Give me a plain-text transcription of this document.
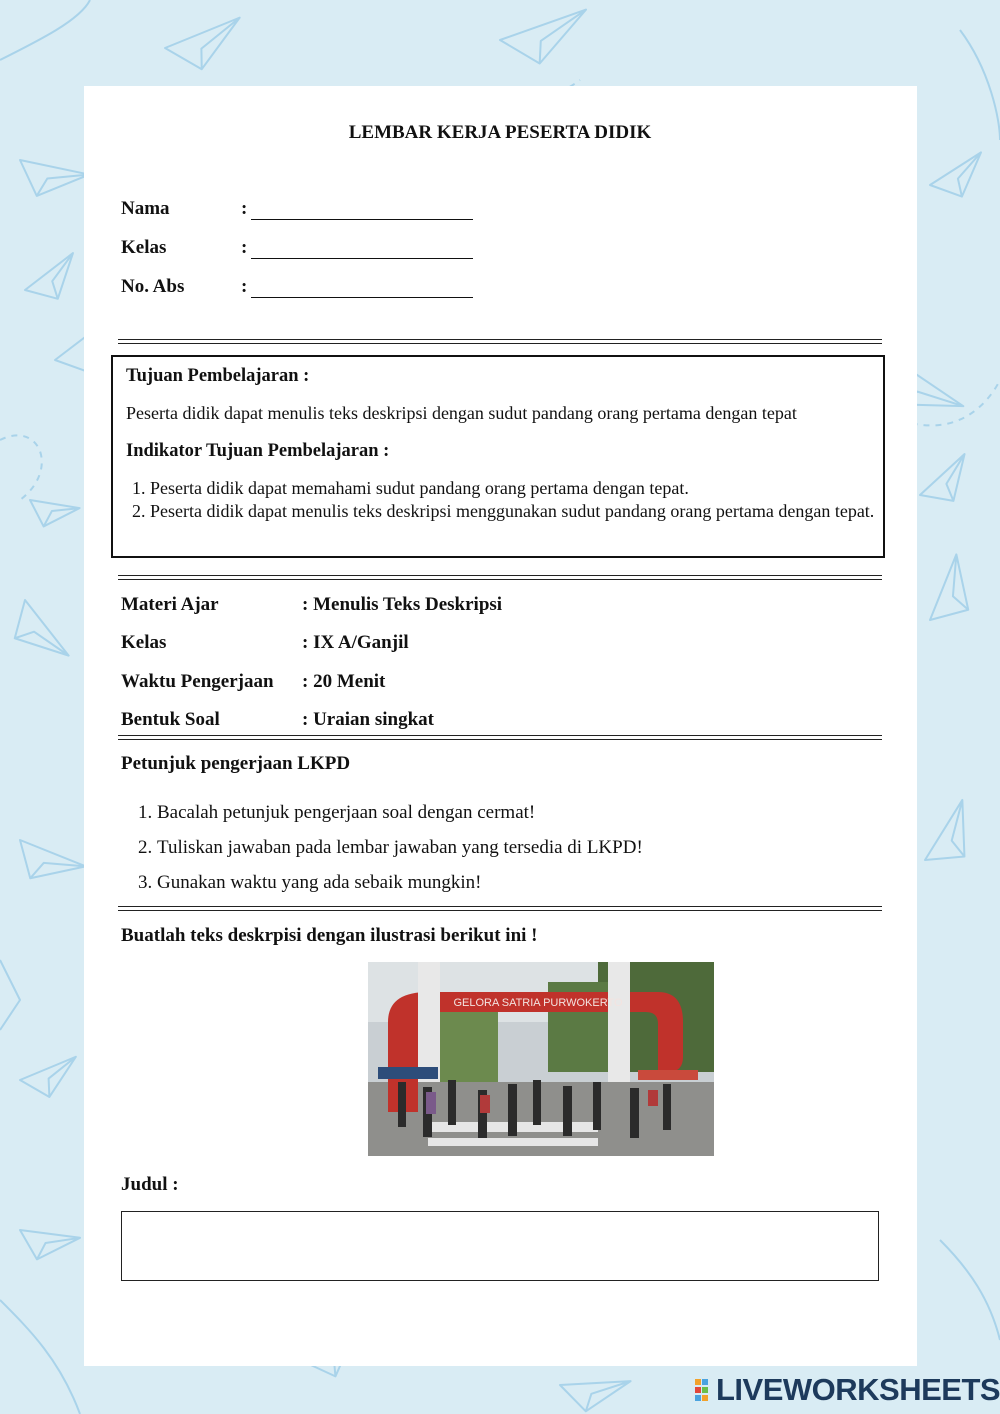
LEMBAR KERJA PESERTA DIDIK
Nama	:
Kelas	:
No. Abs	:
Tujuan Pembelajaran :
Peserta didik dapat menulis teks deskripsi dengan sudut pandang orang pertama dengan tepat
Indikator Tujuan Pembelajaran :
1. Peserta didik dapat memahami sudut pandang orang pertama dengan tepat.
2. Peserta didik dapat menulis teks deskripsi menggunakan sudut pandang orang pertama dengan tepat.
Materi Ajar	: Menulis Teks Deskripsi
Kelas	: IX A/Ganjil
Waktu Pengerjaan : 20 Menit
Bentuk Soal	: Uraian singkat
Petunjuk pengerjaan LKPD
1. Bacalah petunjuk pengerjaan soal dengan cermat!
2. Tuliskan jawaban pada lembar jawaban yang tersedia di LKPD!
3. Gunakan waktu yang ada sebaik mungkin!
Buatlah teks deskrpisi dengan ilustrasi berikut ini !
GELORA SATRIA PURWOKERTO
Judul :
LIVEWORKSHEETS
